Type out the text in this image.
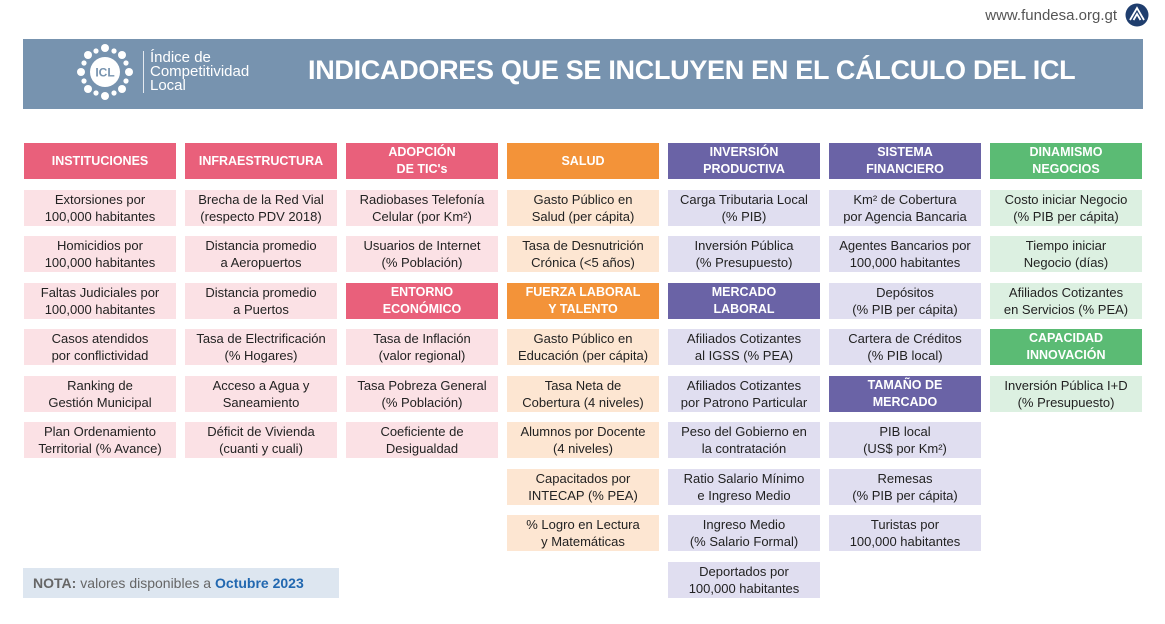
www.fundesa.org.gt
ICL
Índice de
Competitividad
Local
INDICADORES QUE SE INCLUYEN EN EL CÁLCULO DEL ICL
INSTITUCIONES
Extorsiones por
100,000 habitantes
Homicidios por
100,000 habitantes
Faltas Judiciales por
100,000 habitantes
Casos atendidos
por conflictividad
Ranking de
Gestión Municipal
Plan Ordenamiento
Territorial (% Avance)
INFRAESTRUCTURA
Brecha de la Red Vial
(respecto PDV 2018)
Distancia promedio
a Aeropuertos
Distancia promedio
a Puertos
Tasa de Electrificación
(% Hogares)
Acceso a Agua y
Saneamiento
Déficit de Vivienda
(cuanti y cuali)
ADOPCIÓN
DE TIC's
Radiobases Telefonía
Celular (por Km²)
Usuarios de Internet
(% Población)
ENTORNO
ECONÓMICO
Tasa de Inflación
(valor regional)
Tasa Pobreza General
(% Población)
Coeficiente de
Desigualdad
SALUD
Gasto Público en
Salud (per cápita)
Tasa de Desnutrición
Crónica (<5 años)
FUERZA LABORAL
Y TALENTO
Gasto Público en
Educación (per cápita)
Tasa Neta de
Cobertura (4 niveles)
Alumnos por Docente
(4 niveles)
Capacitados por
INTECAP (% PEA)
% Logro en Lectura
y Matemáticas
INVERSIÓN
PRODUCTIVA
Carga Tributaria Local
(% PIB)
Inversión Pública
(% Presupuesto)
MERCADO
LABORAL
Afiliados Cotizantes
al IGSS (% PEA)
Afiliados Cotizantes
por Patrono Particular
Peso del Gobierno en
la contratación
Ratio Salario Mínimo
e Ingreso Medio
Ingreso Medio
(% Salario Formal)
Deportados por
100,000 habitantes
SISTEMA
FINANCIERO
Km² de Cobertura
por Agencia Bancaria
Agentes Bancarios por
100,000 habitantes
Depósitos
(% PIB per cápita)
Cartera de Créditos
(% PIB local)
TAMAÑO DE
MERCADO
PIB local
(US$ por Km²)
Remesas
(% PIB per cápita)
Turistas por
100,000 habitantes
DINAMISMO
NEGOCIOS
Costo iniciar Negocio
(% PIB per cápita)
Tiempo iniciar
Negocio (días)
Afiliados Cotizantes
en Servicios (% PEA)
CAPACIDAD
INNOVACIÓN
Inversión Pública I+D
(% Presupuesto)
NOTA: valores disponibles a Octubre 2023
